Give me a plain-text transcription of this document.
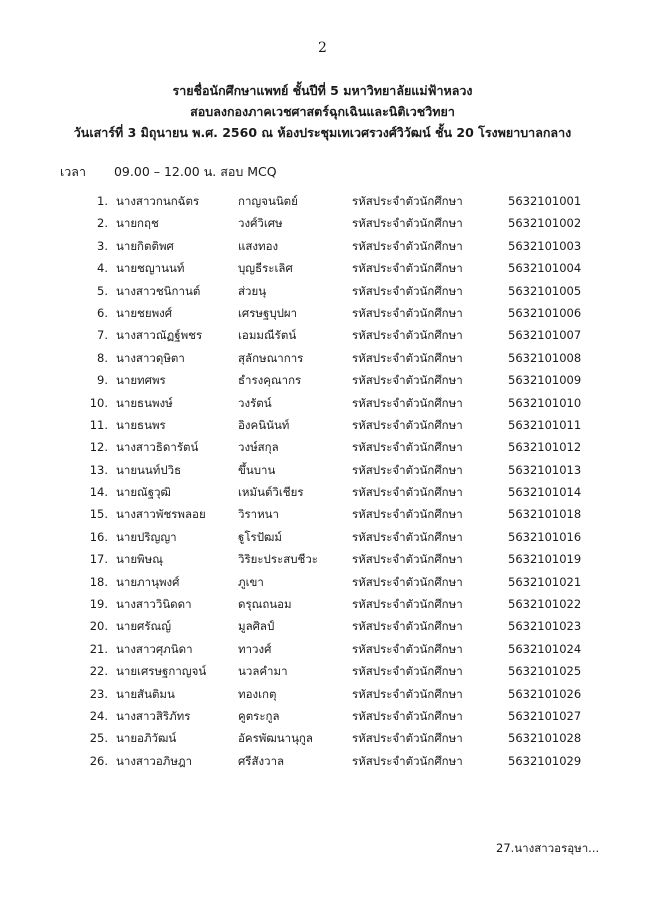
2
รายชื่อนักศึกษาแพทย์ ชั้นปีที่ 5 มหาวิทยาลัยแม่ฟ้าหลวง
สอบลงกองภาคเวชศาสตร์ฉุกเฉินและนิติเวชวิทยา
วันเสาร์ที่ 3 มิถุนายน พ.ศ. 2560 ณ ห้องประชุมเทเวศรวงศ์วิวัฒน์ ชั้น 20 โรงพยาบาลกลาง
เวลา 09.00 – 12.00 น. สอบ MCQ
1. นางสาวกนกฉัตร	กาญจนนิตย์	รหัสประจำตัวนักศึกษา	5632101001
2. นายกฤช	วงศ์วิเศษ	รหัสประจำตัวนักศึกษา	5632101002
3. นายกิตติพศ	แสงทอง	รหัสประจำตัวนักศึกษา	5632101003
4. นายชญานนท์	บุญธีระเลิศ	รหัสประจำตัวนักศึกษา	5632101004
5. นางสาวชนิกานต์	ส่วยนุ	รหัสประจำตัวนักศึกษา	5632101005
6. นายชยพงศ์	เศรษฐบุปผา	รหัสประจำตัวนักศึกษา	5632101006
7. นางสาวณัฏฐ์พชร	เอมมณีรัตน์	รหัสประจำตัวนักศึกษา	5632101007
8. นางสาวดุษิตา	สุลักษณาการ	รหัสประจำตัวนักศึกษา	5632101008
9. นายทศพร	ธำรงคุณากร	รหัสประจำตัวนักศึกษา	5632101009
10. นายธนพงษ์	วงรัตน์	รหัสประจำตัวนักศึกษา	5632101010
11. นายธนพร	อิงคนินันท์	รหัสประจำตัวนักศึกษา	5632101011
12. นางสาวธิดารัตน์	วงษ์สกุล	รหัสประจำตัวนักศึกษา	5632101012
13. นายนนท์ปวิธ	ขึ้นบาน	รหัสประจำตัวนักศึกษา	5632101013
14. นายณัฐวุฒิ	เหมันต์วิเชียร	รหัสประจำตัวนักศึกษา	5632101014
15. นางสาวพัชรพลอย	วิราหนา	รหัสประจำตัวนักศึกษา	5632101018
16. นายปริญญา	ฐูโรปัฒม์	รหัสประจำตัวนักศึกษา	5632101016
17. นายพิษณุ	วิริยะประสบชีวะ	รหัสประจำตัวนักศึกษา	5632101019
18. นายภานุพงศ์	ภูเขา	รหัสประจำตัวนักศึกษา	5632101021
19. นางสาววินิดดา	ดรุณถนอม	รหัสประจำตัวนักศึกษา	5632101022
20. นายศรัณญ์	มูลศิลป์	รหัสประจำตัวนักศึกษา	5632101023
21. นางสาวศุภนิดา	ทาวงศ์	รหัสประจำตัวนักศึกษา	5632101024
22. นายเศรษฐกาญจน์	นวลคำมา	รหัสประจำตัวนักศึกษา	5632101025
23. นายสันติมน	ทองเกตุ	รหัสประจำตัวนักศึกษา	5632101026
24. นางสาวสิริภัทร	คูตระกูล	รหัสประจำตัวนักศึกษา	5632101027
25. นายอภิวัฒน์	อัครพัฒนานุกูล	รหัสประจำตัวนักศึกษา	5632101028
26. นางสาวอภิษฎา	ศรีสังวาล	รหัสประจำตัวนักศึกษา	5632101029
27.นางสาวอรอุษา...
